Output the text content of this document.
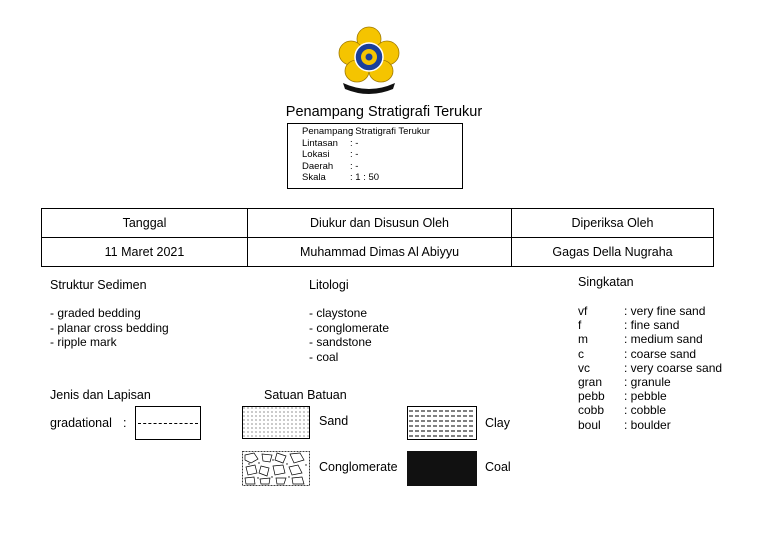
Penampang Stratigrafi Terukur
Penampang
: Stratigrafi Terukur
Lintasan	: -
Lokasi	: -
Daerah	: -
Skala	: 1 : 50
Tanggal	Diukur dan Disusun Oleh	Diperiksa Oleh
11 Maret 2021	Muhammad Dimas Al Abiyyu	Gagas Della Nugraha
Struktur Sedimen
- graded bedding
- planar cross bedding
- ripple mark
Litologi
- claystone
- conglomerate
- sandstone
- coal
Singkatan
vf	: very fine sand
f	: fine sand
m	: medium sand
c	: coarse sand
vc	: very coarse sand
gran	: granule
pebb	: pebble
cobb	: cobble
boul	: boulder
Jenis dan Lapisan
gradational :
Satuan Batuan
Sand	Clay
Conglomerate	Coal
